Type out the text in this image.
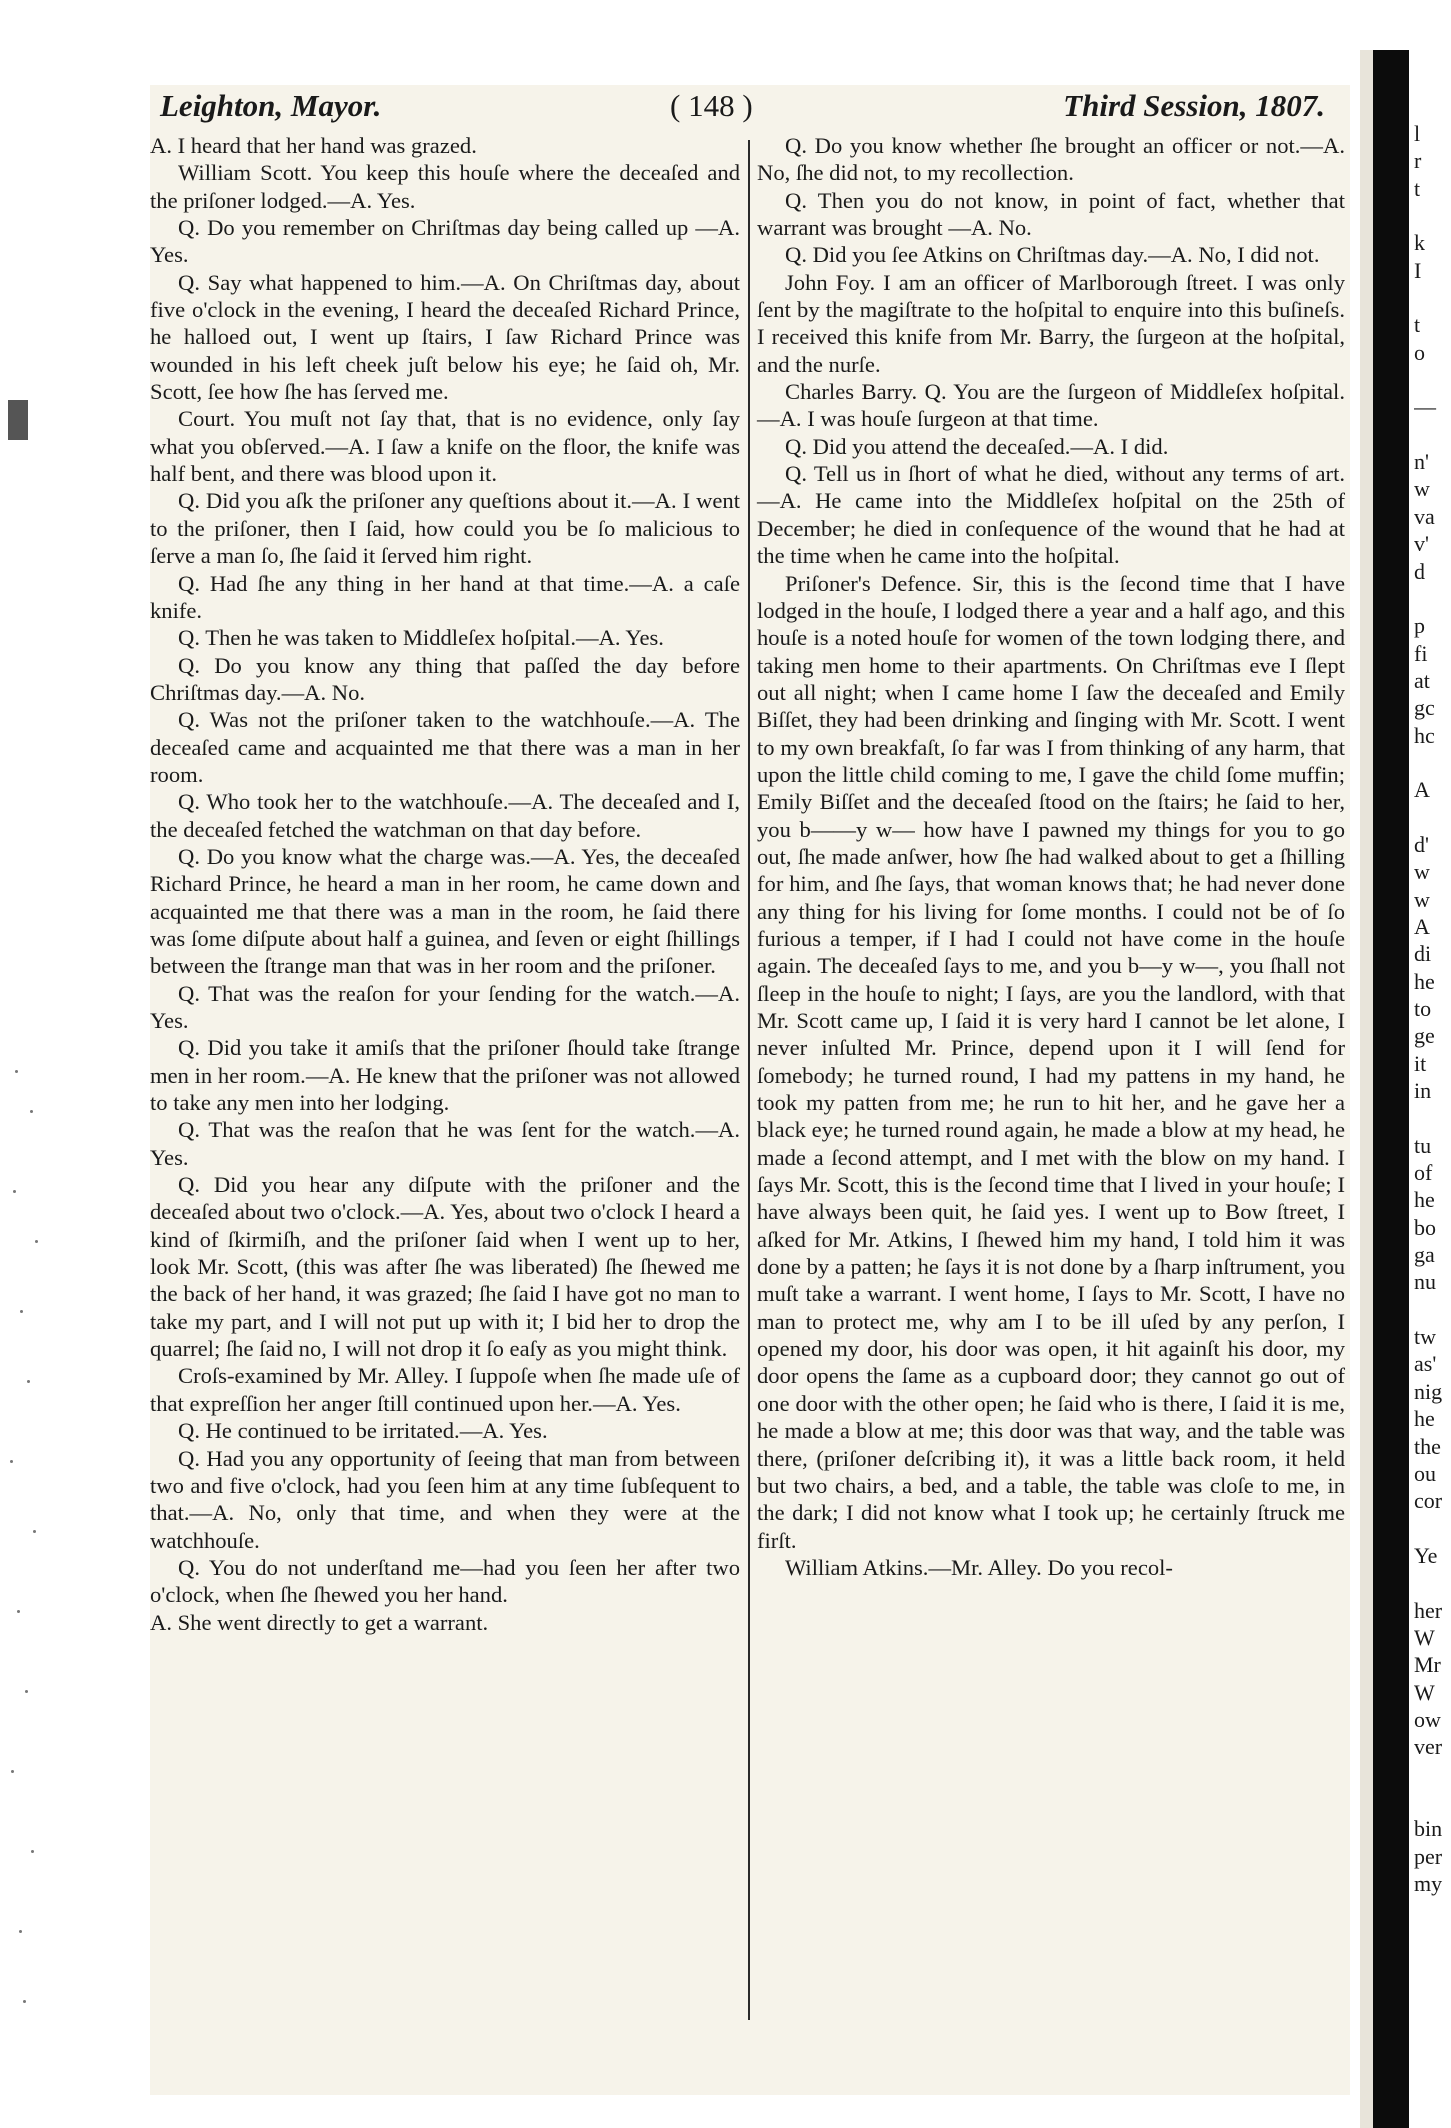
Leighton, Mayor.	( 148 )	Third Session, 1807.

A. I heard that her hand was grazed.

William Scott. You keep this houſe where the deceaſed and the priſoner lodged.—A. Yes.

Q. Do you remember on Chriſtmas day being called up —A. Yes.

Q. Say what happened to him.—A. On Chriſtmas day, about five o'clock in the evening, I heard the deceaſed Richard Prince, he halloed out, I went up ſtairs, I ſaw Richard Prince was wounded in his left cheek juſt below his eye; he ſaid oh, Mr. Scott, ſee how ſhe has ſerved me.

Court. You muſt not ſay that, that is no evidence, only ſay what you obſerved.—A. I ſaw a knife on the floor, the knife was half bent, and there was blood upon it.

Q. Did you aſk the priſoner any queſtions about it.—A. I went to the priſoner, then I ſaid, how could you be ſo malicious to ſerve a man ſo, ſhe ſaid it ſerved him right.

Q. Had ſhe any thing in her hand at that time.—A. a caſe knife.

Q. Then he was taken to Middleſex hoſpital.—A. Yes.

Q. Do you know any thing that paſſed the day before Chriſtmas day.—A. No.

Q. Was not the priſoner taken to the watchhouſe.—A. The deceaſed came and acquainted me that there was a man in her room.

Q. Who took her to the watchhouſe.—A. The deceaſed and I, the deceaſed fetched the watchman on that day before.

Q. Do you know what the charge was.—A. Yes, the deceaſed Richard Prince, he heard a man in her room, he came down and acquainted me that there was a man in the room, he ſaid there was ſome diſpute about half a guinea, and ſeven or eight ſhillings between the ſtrange man that was in her room and the priſoner.

Q. That was the reaſon for your ſending for the watch.—A. Yes.

Q. Did you take it amiſs that the priſoner ſhould take ſtrange men in her room.—A. He knew that the priſoner was not allowed to take any men into her lodging.

Q. That was the reaſon that he was ſent for the watch.—A. Yes.

Q. Did you hear any diſpute with the priſoner and the deceaſed about two o'clock.—A. Yes, about two o'clock I heard a kind of ſkirmiſh, and the priſoner ſaid when I went up to her, look Mr. Scott, (this was after ſhe was liberated) ſhe ſhewed me the back of her hand, it was grazed; ſhe ſaid I have got no man to take my part, and I will not put up with it; I bid her to drop the quarrel; ſhe ſaid no, I will not drop it ſo eaſy as you might think.

Croſs-examined by Mr. Alley. I ſuppoſe when ſhe made uſe of that expreſſion her anger ſtill continued upon her.—A. Yes.

Q. He continued to be irritated.—A. Yes.

Q. Had you any opportunity of ſeeing that man from between two and five o'clock, had you ſeen him at any time ſubſequent to that.—A. No, only that time, and when they were at the watchhouſe.

Q. You do not underſtand me—had you ſeen her after two o'clock, when ſhe ſhewed you her hand.

A. She went directly to get a warrant.

Q. Do you know whether ſhe brought an officer or not.—A. No, ſhe did not, to my recollection.

Q. Then you do not know, in point of fact, whether that warrant was brought —A. No.

Q. Did you ſee Atkins on Chriſtmas day.—A. No, I did not.

John Foy. I am an officer of Marlborough ſtreet. I was only ſent by the magiſtrate to the hoſpital to enquire into this buſineſs. I received this knife from Mr. Barry, the ſurgeon at the hoſpital, and the nurſe.

Charles Barry. Q. You are the ſurgeon of Middleſex hoſpital.—A. I was houſe ſurgeon at that time.

Q. Did you attend the deceaſed.—A. I did.

Q. Tell us in ſhort of what he died, without any terms of art.—A. He came into the Middleſex hoſpital on the 25th of December; he died in conſequence of the wound that he had at the time when he came into the hoſpital.

Priſoner's Defence. Sir, this is the ſecond time that I have lodged in the houſe, I lodged there a year and a half ago, and this houſe is a noted houſe for women of the town lodging there, and taking men home to their apartments. On Chriſtmas eve I ſlept out all night; when I came home I ſaw the deceaſed and Emily Biſſet, they had been drinking and ſinging with Mr. Scott. I went to my own breakfaſt, ſo far was I from thinking of any harm, that upon the little child coming to me, I gave the child ſome muffin; Emily Biſſet and the deceaſed ſtood on the ſtairs; he ſaid to her, you b——y w— how have I pawned my things for you to go out, ſhe made anſwer, how ſhe had walked about to get a ſhilling for him, and ſhe ſays, that woman knows that; he had never done any thing for his living for ſome months. I could not be of ſo furious a temper, if I had I could not have come in the houſe again. The deceaſed ſays to me, and you b—y w—, you ſhall not ſleep in the houſe to night; I ſays, are you the landlord, with that Mr. Scott came up, I ſaid it is very hard I cannot be let alone, I never inſulted Mr. Prince, depend upon it I will ſend for ſomebody; he turned round, I had my pattens in my hand, he took my patten from me; he run to hit her, and he gave her a black eye; he turned round again, he made a blow at my head, he made a ſecond attempt, and I met with the blow on my hand. I ſays Mr. Scott, this is the ſecond time that I lived in your houſe; I have always been quit, he ſaid yes. I went up to Bow ſtreet, I aſked for Mr. Atkins, I ſhewed him my hand, I told him it was done by a patten; he ſays it is not done by a ſharp inſtrument, you muſt take a warrant. I went home, I ſays to Mr. Scott, I have no man to protect me, why am I to be ill uſed by any perſon, I opened my door, his door was open, it hit againſt his door, my door opens the ſame as a cupboard door; they cannot go out of one door with the other open; he ſaid who is there, I ſaid it is me, he made a blow at me; this door was that way, and the table was there, (priſoner deſcribing it), it was a little back room, it held but two chairs, a bed, and a table, the table was cloſe to me, in the dark; I did not know what I took up; he certainly ſtruck me firſt.

William Atkins.—Mr. Alley. Do you recol-

l
r
t
k
I
t
o
—
n'
w
va
v'
d
p
fi
at
gc
hc
A
d'
w
w
A
di
he
to
ge
it
in
tu
of
he
bo
ga
nu
tw
as'
nig
he
the
ou
cor
Ye
her
W
Mr
W
ow
ver
bin
per
my
